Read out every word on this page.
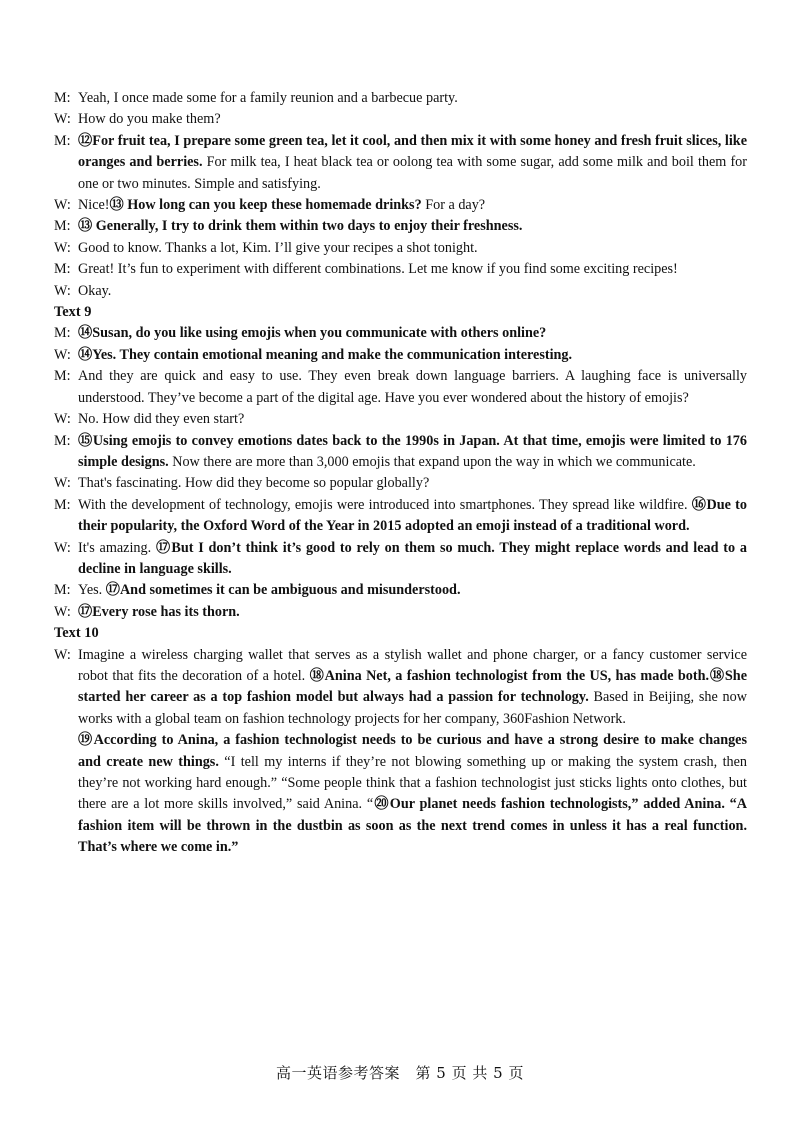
M: Yeah, I once made some for a family reunion and a barbecue party.
W: How do you make them?
M: ⑫For fruit tea, I prepare some green tea, let it cool, and then mix it with some honey and fresh fruit slices, like oranges and berries. For milk tea, I heat black tea or oolong tea with some sugar, add some milk and boil them for one or two minutes. Simple and satisfying.
W: Nice!⑬ How long can you keep these homemade drinks? For a day?
M: ⑬ Generally, I try to drink them within two days to enjoy their freshness.
W: Good to know. Thanks a lot, Kim. I’ll give your recipes a shot tonight.
M: Great! It’s fun to experiment with different combinations. Let me know if you find some exciting recipes!
W: Okay.
Text 9
M: ⑭Susan, do you like using emojis when you communicate with others online?
W: ⑭Yes. They contain emotional meaning and make the communication interesting.
M: And they are quick and easy to use. They even break down language barriers. A laughing face is universally understood. They’ve become a part of the digital age. Have you ever wondered about the history of emojis?
W: No. How did they even start?
M: ⑮Using emojis to convey emotions dates back to the 1990s in Japan. At that time, emojis were limited to 176 simple designs. Now there are more than 3,000 emojis that expand upon the way in which we communicate.
W: That's fascinating. How did they become so popular globally?
M: With the development of technology, emojis were introduced into smartphones. They spread like wildfire. ⑯Due to their popularity, the Oxford Word of the Year in 2015 adopted an emoji instead of a traditional word.
W: It's amazing. ⑰But I don’t think it’s good to rely on them so much. They might replace words and lead to a decline in language skills.
M: Yes. ⑰And sometimes it can be ambiguous and misunderstood.
W: ⑰Every rose has its thorn.
Text 10
W: Imagine a wireless charging wallet that serves as a stylish wallet and phone charger, or a fancy customer service robot that fits the decoration of a hotel. ⑱Anina Net, a fashion technologist from the US, has made both.⑱She started her career as a top fashion model but always had a passion for technology. Based in Beijing, she now works with a global team on fashion technology projects for her company, 360Fashion Network.
⑲According to Anina, a fashion technologist needs to be curious and have a strong desire to make changes and create new things. “I tell my interns if they’re not blowing something up or making the system crash, then they’re not working hard enough.” “Some people think that a fashion technologist just sticks lights onto clothes, but there are a lot more skills involved,” said Anina. “⑳Our planet needs fashion technologists,” added Anina. “A fashion item will be thrown in the dustbin as soon as the next trend comes in unless it has a real function. That’s where we come in.”
高一英语参考答案　第 5 页 共 5 页
